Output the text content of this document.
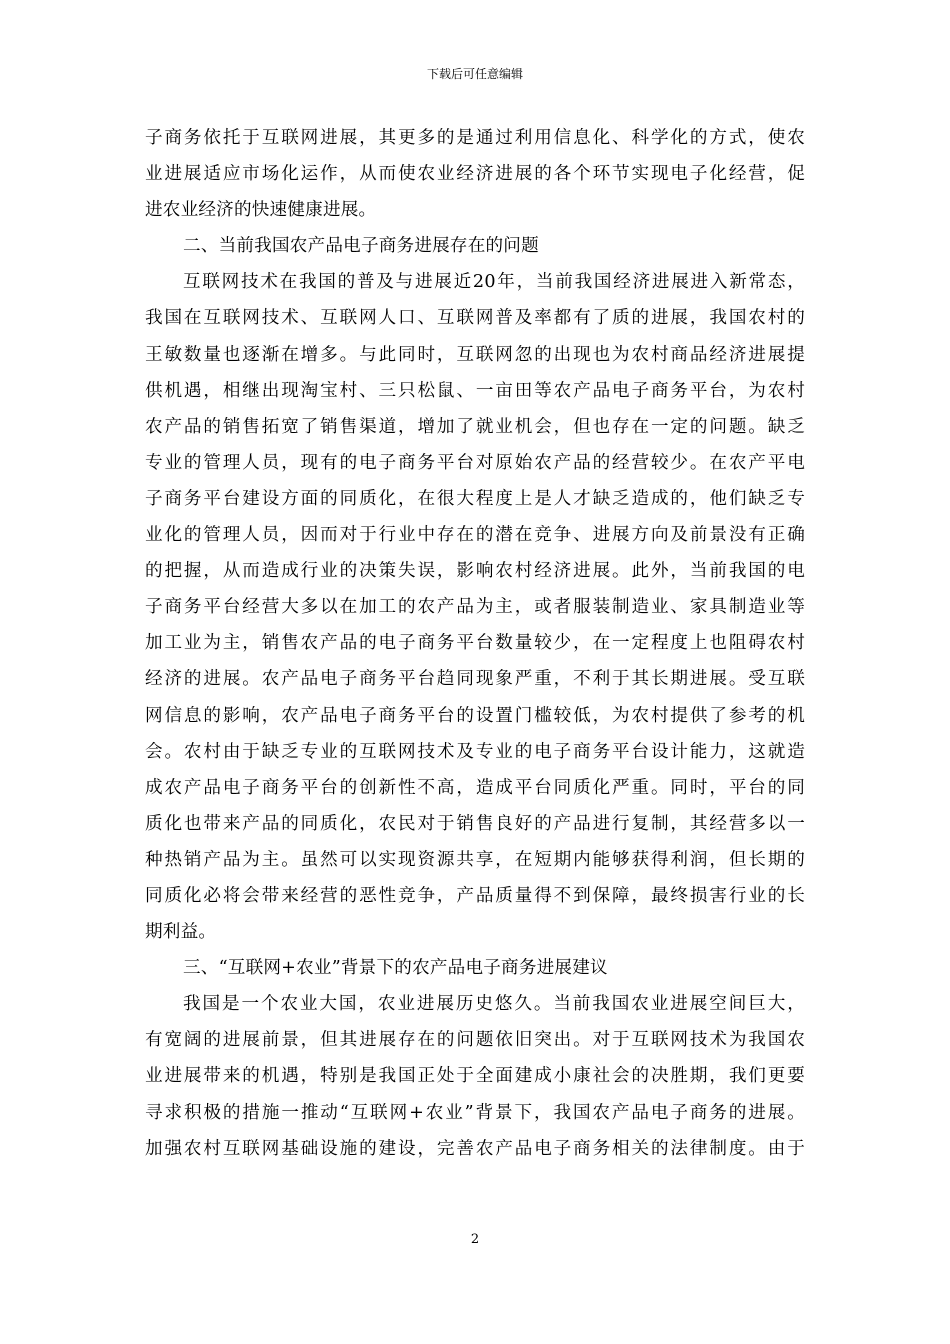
下载后可任意编辑
子商务依托于互联网进展，其更多的是通过利用信息化、科学化的方式，使农
业进展适应市场化运作，从而使农业经济进展的各个环节实现电子化经营，促
进农业经济的快速健康进展。
二、当前我国农产品电子商务进展存在的问题
互联网技术在我国的普及与进展近20年，当前我国经济进展进入新常态，
我国在互联网技术、互联网人口、互联网普及率都有了质的进展，我国农村的
王敏数量也逐渐在增多。与此同时，互联网忽的出现也为农村商品经济进展提
供机遇，相继出现淘宝村、三只松鼠、一亩田等农产品电子商务平台，为农村
农产品的销售拓宽了销售渠道，增加了就业机会，但也存在一定的问题。缺乏
专业的管理人员，现有的电子商务平台对原始农产品的经营较少。在农产平电
子商务平台建设方面的同质化，在很大程度上是人才缺乏造成的，他们缺乏专
业化的管理人员，因而对于行业中存在的潜在竞争、进展方向及前景没有正确
的把握，从而造成行业的决策失误，影响农村经济进展。此外，当前我国的电
子商务平台经营大多以在加工的农产品为主，或者服装制造业、家具制造业等
加工业为主，销售农产品的电子商务平台数量较少，在一定程度上也阻碍农村
经济的进展。农产品电子商务平台趋同现象严重，不利于其长期进展。受互联
网信息的影响，农产品电子商务平台的设置门槛较低，为农村提供了参考的机
会。农村由于缺乏专业的互联网技术及专业的电子商务平台设计能力，这就造
成农产品电子商务平台的创新性不高，造成平台同质化严重。同时，平台的同
质化也带来产品的同质化，农民对于销售良好的产品进行复制，其经营多以一
种热销产品为主。虽然可以实现资源共享，在短期内能够获得利润，但长期的
同质化必将会带来经营的恶性竞争，产品质量得不到保障，最终损害行业的长
期利益。
三、“互联网+农业”背景下的农产品电子商务进展建议
我国是一个农业大国，农业进展历史悠久。当前我国农业进展空间巨大，
有宽阔的进展前景，但其进展存在的问题依旧突出。对于互联网技术为我国农
业进展带来的机遇，特别是我国正处于全面建成小康社会的决胜期，我们更要
寻求积极的措施一推动“互联网+农业”背景下，我国农产品电子商务的进展。
加强农村互联网基础设施的建设，完善农产品电子商务相关的法律制度。由于
2
